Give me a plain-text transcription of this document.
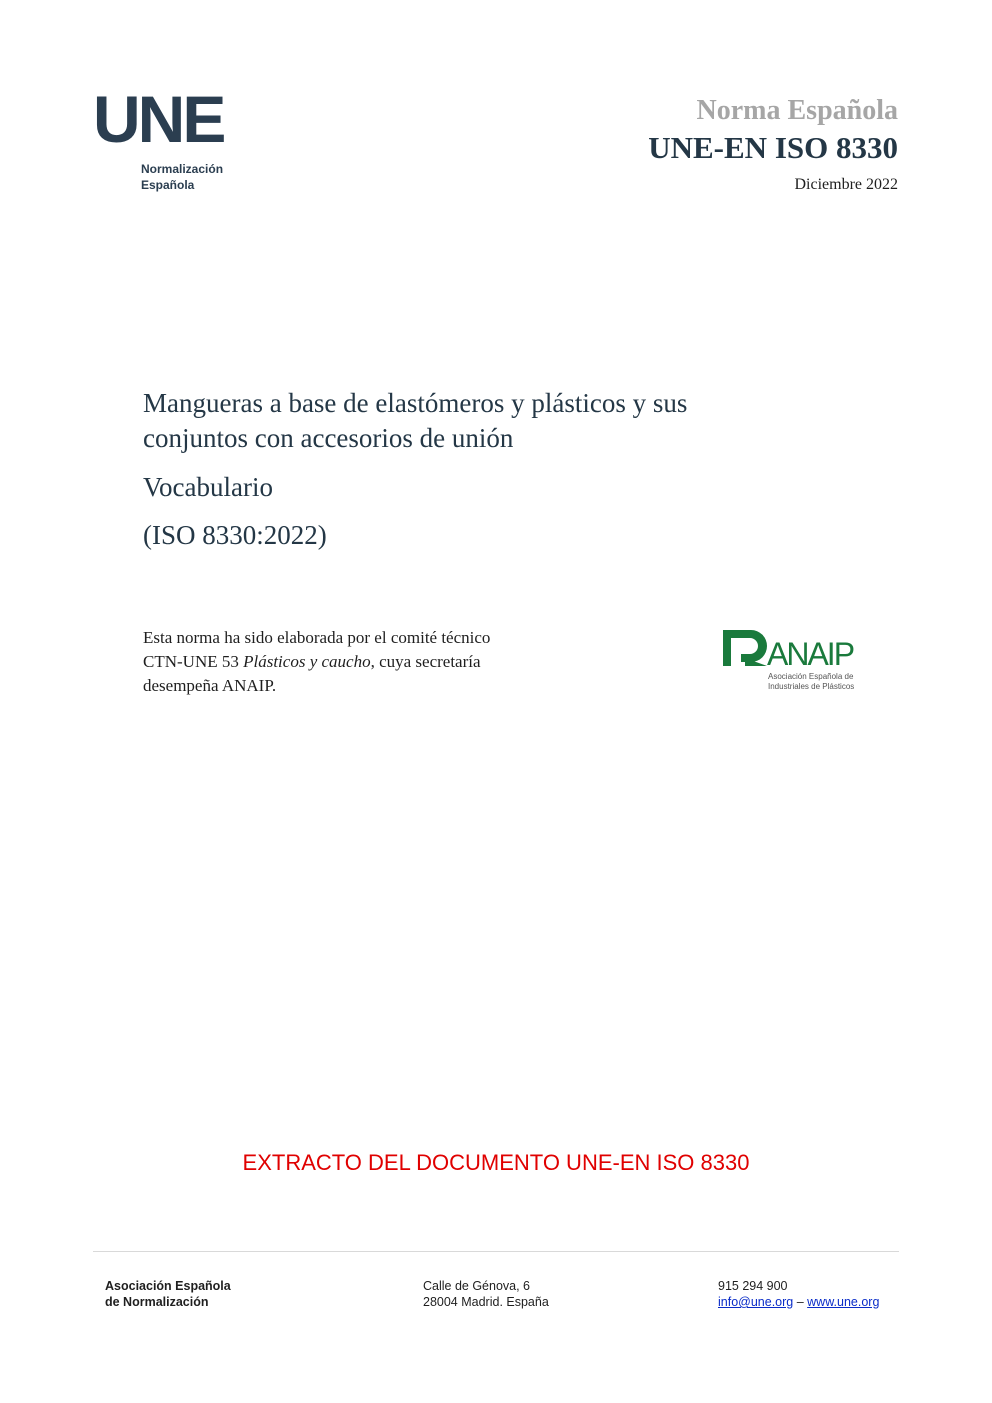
UNE
Normalización
Española
Norma Española
UNE-EN ISO 8330
Diciembre 2022
Mangueras a base de elastómeros y plásticos y sus
conjuntos con accesorios de unión
Vocabulario
(ISO 8330:2022)
Esta norma ha sido elaborada por el comité técnico
CTN-UNE 53 Plásticos y caucho, cuya secretaría
desempeña ANAIP.
ANAIP
Asociación Española de
Industriales de Plásticos
EXTRACTO DEL DOCUMENTO UNE-EN ISO 8330
Asociación Española
de Normalización
Calle de Génova, 6
28004 Madrid. España
915 294 900
info@une.org – www.une.org
